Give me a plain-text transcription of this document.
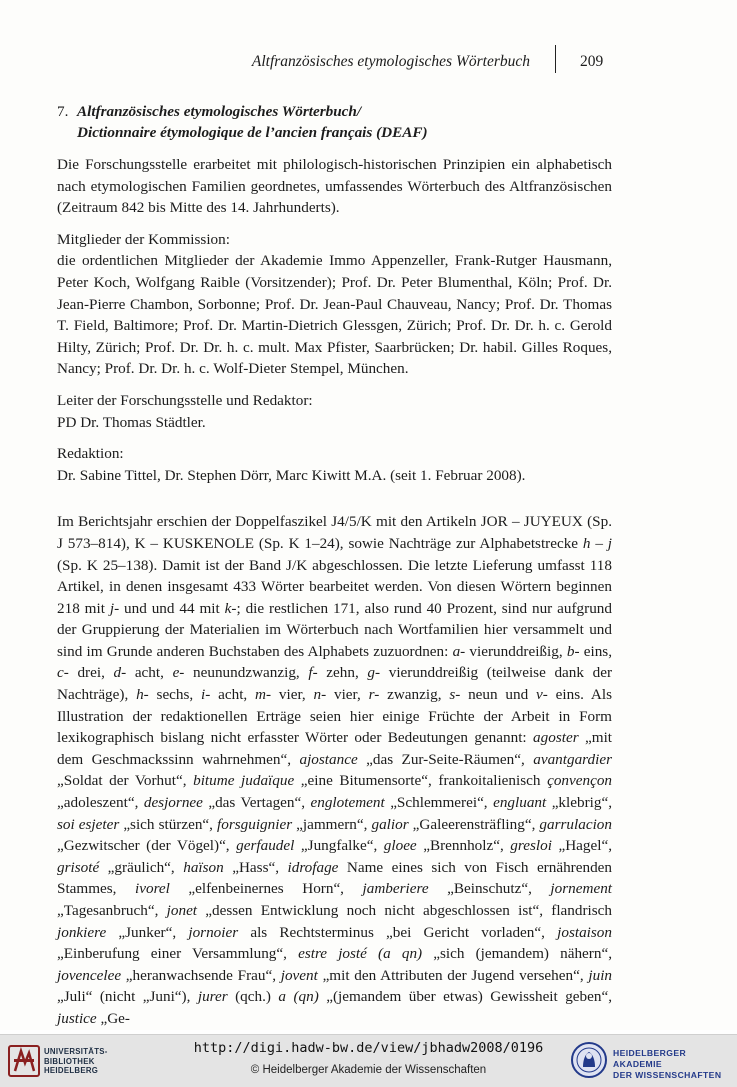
Altfranzösisches etymologisches Wörterbuch	209
7. Altfranzösisches etymologisches Wörterbuch/
Dictionnaire étymologique de l’ancien français (DEAF)

Die Forschungsstelle erarbeitet mit philologisch-historischen Prinzipien ein alphabetisch nach etymologischen Familien geordnetes, umfassendes Wörterbuch des Altfranzösischen (Zeitraum 842 bis Mitte des 14. Jahrhunderts).

Mitglieder der Kommission:

die ordentlichen Mitglieder der Akademie Immo Appenzeller, Frank-Rutger Hausmann, Peter Koch, Wolfgang Raible (Vorsitzender); Prof. Dr. Peter Blumenthal, Köln; Prof. Dr. Jean-Pierre Chambon, Sorbonne; Prof. Dr. Jean-Paul Chauveau, Nancy; Prof. Dr. Thomas T. Field, Baltimore; Prof. Dr. Martin-Dietrich Glessgen, Zürich; Prof. Dr. Dr. h. c. Gerold Hilty, Zürich; Prof. Dr. Dr. h. c. mult. Max Pfister, Saarbrücken; Dr. habil. Gilles Roques, Nancy; Prof. Dr. Dr. h. c. Wolf-Dieter Stempel, München.

Leiter der Forschungsstelle und Redaktor:

PD Dr. Thomas Städtler.

Redaktion:

Dr. Sabine Tittel, Dr. Stephen Dörr, Marc Kiwitt M.A. (seit 1. Februar 2008).

Im Berichtsjahr erschien der Doppelfaszikel J4/5/K mit den Artikeln JOR – JUYEUX (Sp. J 573–814), K – KUSKENOLE (Sp. K 1–24), sowie Nachträge zur Alphabetstrecke h – j (Sp. K 25–138). Damit ist der Band J/K abgeschlossen. Die letzte Lieferung umfasst 118 Artikel, in denen insgesamt 433 Wörter bearbeitet werden. Von diesen Wörtern beginnen 218 mit j- und und 44 mit k-; die restlichen 171, also rund 40 Prozent, sind nur aufgrund der Gruppierung der Materialien im Wörterbuch nach Wortfamilien hier versammelt und sind im Grunde anderen Buchstaben des Alphabets zuzuordnen: a- vierunddreißig, b- eins, c- drei, d- acht, e- neunundzwanzig, f- zehn, g- vierunddreißig (teilweise dank der Nachträge), h- sechs, i- acht, m- vier, n- vier, r- zwanzig, s- neun und v- eins. Als Illustration der redaktionellen Erträge seien hier einige Früchte der Arbeit in Form lexikographisch bislang nicht erfasster Wörter oder Bedeutungen genannt: agoster „mit dem Geschmackssinn wahrnehmen“, ajostance „das Zur-Seite-Räumen“, avantgardier „Soldat der Vorhut“, bitume judaïque „eine Bitumensorte“, frankoitalienisch çonvençon „adoleszent“, desjornee „das Vertagen“, englotement „Schlemmerei“, engluant „klebrig“, soi esjeter „sich stürzen“, forsguignier „jammern“, galior „Galeerensträfling“, garrulacion „Gezwitscher (der Vögel)“, gerfaudel „Jungfalke“, gloee „Brennholz“, gresloi „Hagel“, grisoté „gräulich“, haïson „Hass“, idrofage Name eines sich von Fisch ernährenden Stammes, ivorel „elfenbeinernes Horn“, jamberiere „Beinschutz“, jornement „Tagesanbruch“, jonet „dessen Entwicklung noch nicht abgeschlossen ist“, flandrisch jonkiere „Junker“, jornoier als Rechtsterminus „bei Gericht vorladen“, jostaison „Einberufung einer Versammlung“, estre josté (a qn) „sich (jemandem) nähern“, jovencelee „heranwachsende Frau“, jovent „mit den Attributen der Jugend versehen“, juin „Juli“ (nicht „Juni“), jurer (qch.) a (qn) „(jemandem über etwas) Gewissheit geben“, justice „Ge-

UNIVERSITÄTS-
BIBLIOTHEK
HEIDELBERG
http://digi.hadw-bw.de/view/jbhadw2008/0196
© Heidelberger Akademie der Wissenschaften
HEIDELBERGER AKADEMIE
DER WISSENSCHAFTEN
